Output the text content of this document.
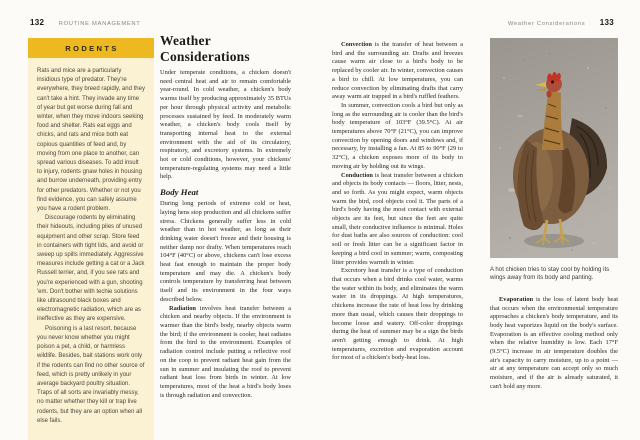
132 ROUTINE MANAGEMENT	Weather Considerations 133
RODENTS

Rats and mice are a particularly insidious type of predator. They're everywhere, they breed rapidly, and they can't take a hint. They invade any time of year but get worse during fall and winter, when they move indoors seeking food and shelter. Rats eat eggs and chicks, and rats and mice both eat copious quantities of feed and, by moving from one place to another, can spread various diseases. To add insult to injury, rodents gnaw holes in housing and burrow underneath, providing entry for other predators. Whether or not you find evidence, you can safely assume you have a rodent problem.

Discourage rodents by eliminating their hideouts, including piles of unused equipment and other scrap. Store feed in containers with tight lids, and avoid or sweep up spills immediately. Aggressive measures include getting a cat or a Jack Russell terrier, and, if you see rats and you're experienced with a gun, shooting 'em. Don't bother with techie solutions like ultrasound black boxes and electromagnetic radiation, which are as ineffective as they are expensive.

Poisoning is a last resort, because you never know whether you might poison a pet, a child, or harmless wildlife. Besides, bait stations work only if the rodents can find no other source of feed, which is pretty unlikely in your average backyard poultry situation. Traps of all sorts are invariably messy, no matter whether they kill or trap live rodents, but they are an option when all else fails.

Weather Considerations

Under temperate conditions, a chicken doesn't need central heat and air to remain comfortable year-round. In cold weather, a chicken's body warms itself by producing approximately 35 BTUs per hour through physical activity and metabolic processes sustained by feed. In moderately warm weather, a chicken's body cools itself by transporting internal heat to the external environment with the aid of its circulatory, respiratory, and excretory systems. In extremely hot or cold conditions, however, your chickens' temperature-regulating systems may need a little help.

Body Heat

During long periods of extreme cold or heat, laying hens stop production and all chickens suffer stress. Chickens generally suffer less in cold weather than in hot weather, as long as their drinking water doesn't freeze and their housing is neither damp nor drafty. When temperatures reach 104°F (40°C) or above, chickens can't lose excess heat fast enough to maintain the proper body temperature and may die. A chicken's body controls temperature by transferring heat between itself and its environment in the four ways described below.

Radiation involves heat transfer between a chicken and nearby objects. If the environment is warmer than the bird's body, nearby objects warm the bird; if the environment is cooler, heat radiates from the bird to the environment. Examples of radiation control include putting a reflective roof on the coop to prevent radiant heat gain from the sun in summer and insulating the roof to prevent radiant heat loss from birds in winter. At low temperatures, most of the heat a bird's body loses is through radiation and convection.

Convection is the transfer of heat between a bird and the surrounding air. Drafts and breezes cause warm air close to a bird's body to be replaced by cooler air. In winter, convection causes a bird to chill. At low temperatures, you can reduce convection by eliminating drafts that carry away warm air trapped in a bird's ruffled feathers.

In summer, convection cools a bird but only as long as the surrounding air is cooler than the bird's body temperature of 103°F (39.5°C). At air temperatures above 70°F (21°C), you can improve convection by opening doors and windows and, if necessary, by installing a fan. At 85 to 90°F (29 to 32°C), a chicken exposes more of its body to moving air by holding out its wings.

Conduction is heat transfer between a chicken and objects its body contacts — floors, litter, nests, and so forth. As you might expect, warm objects warm the bird, cool objects cool it. The parts of a bird's body having the most contact with external objects are its feet, but since the feet are quite small, their conductive influence is minimal. Holes for dust baths are also sources of conduction: cool soil or fresh litter can be a significant factor in keeping a bird cool in summer; warm, composting litter provides warmth in winter.

Excretory heat transfer is a type of conduction that occurs when a bird drinks cool water, warms the water within its body, and eliminates the warm water in its droppings. At high temperatures, chickens increase the rate of heat loss by drinking more than usual, which causes their droppings to become loose and watery. Off-color droppings during the heat of summer may be a sign the birds aren't getting enough to drink. At high temperatures, excretion and evaporation account for most of a chicken's body-heat loss.

A hot chicken tries to stay cool by holding its wings away from its body and panting.

Evaporation is the loss of latent body heat that occurs when the environmental temperature approaches a chicken's body temperature, and its body heat vaporizes liquid on the body's surface. Evaporation is an effective cooling method only when the relative humidity is low. Each 17°F (9.5°C) increase in air temperature doubles the air's capacity to carry moisture, up to a point — air at any temperature can accept only so much moisture, and if the air is already saturated, it can't hold any more.
